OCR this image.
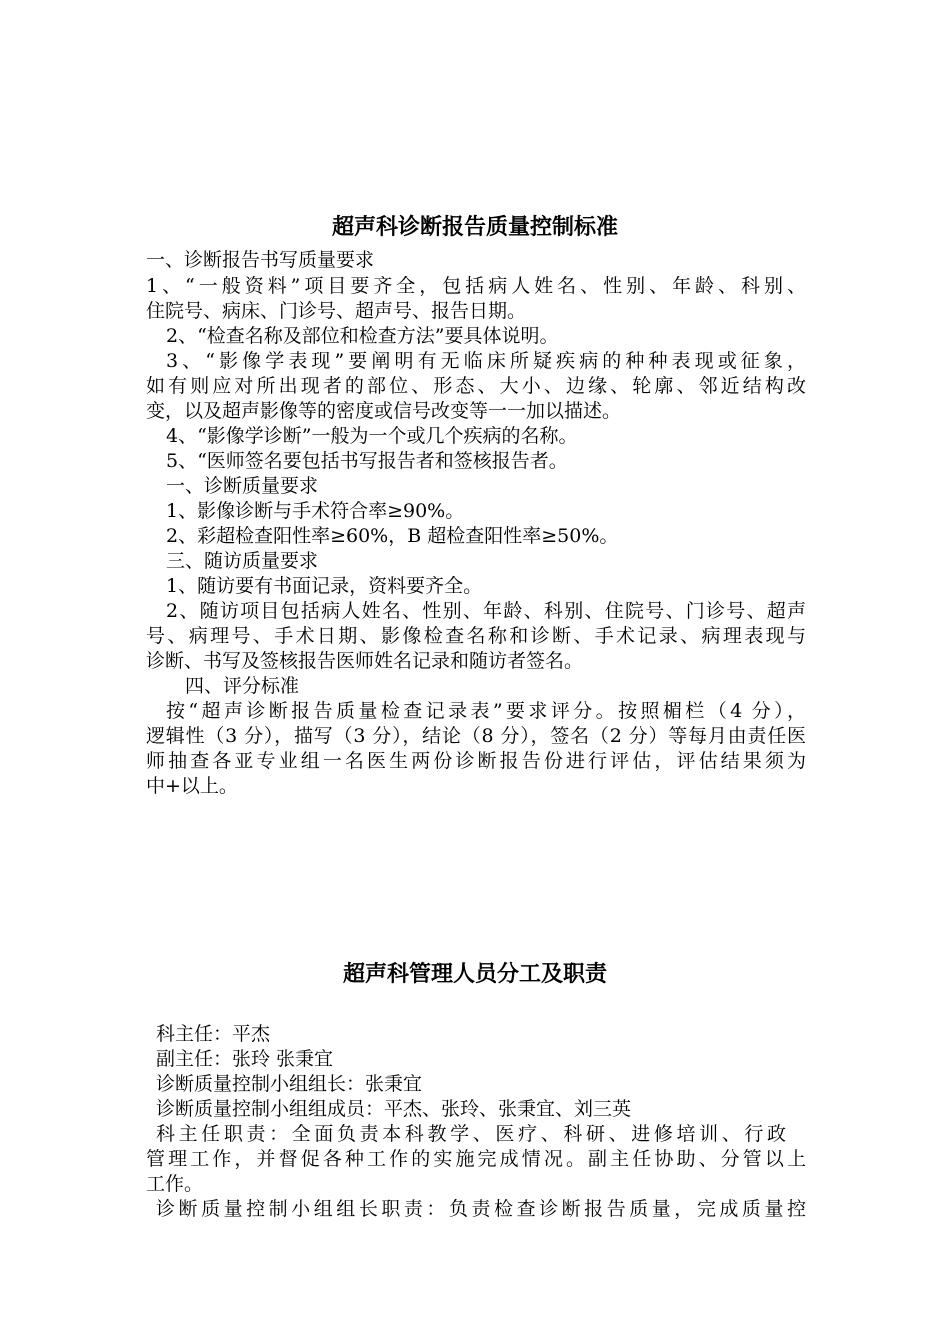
超声科诊断报告质量控制标准
一、诊断报告书写质量要求
1、“一般资料”项目要齐全，包括病人姓名、性别、年龄、科别、
住院号、病床、门诊号、超声号、报告日期。
2、“检查名称及部位和检查方法”要具体说明。
3、“影像学表现”要阐明有无临床所疑疾病的种种表现或征象，
如有则应对所出现者的部位、形态、大小、边缘、轮廓、邻近结构改
变，以及超声影像等的密度或信号改变等一一加以描述。
4、“影像学诊断”一般为一个或几个疾病的名称。
5、“医师签名要包括书写报告者和签核报告者。
一、诊断质量要求
1、影像诊断与手术符合率≥90%。
2、彩超检查阳性率≥60%，B 超检查阳性率≥50%。
三、随访质量要求
1、随访要有书面记录，资料要齐全。
2、随访项目包括病人姓名、性别、年龄、科别、住院号、门诊号、超声
号、病理号、手术日期、影像检查名称和诊断、手术记录、病理表现与
诊断、书写及签核报告医师姓名记录和随访者签名。
四、评分标准
按“超声诊断报告质量检查记录表”要求评分。按照楣栏（4 分），
逻辑性（3 分），描写（3 分），结论（8 分），签名（2 分）等每月由责任医
师抽查各亚专业组一名医生两份诊断报告份进行评估，评估结果须为
中+以上。
超声科管理人员分工及职责
科主任：平杰
副主任：张玲 张秉宜
诊断质量控制小组组长：张秉宜
诊断质量控制小组组成员：平杰、张玲、张秉宜、刘三英
科主任职责：全面负责本科教学、医疗、科研、进修培训、行政
管理工作，并督促各种工作的实施完成情况。副主任协助、分管以上
工作。
诊断质量控制小组组长职责：负责检查诊断报告质量，完成质量控
